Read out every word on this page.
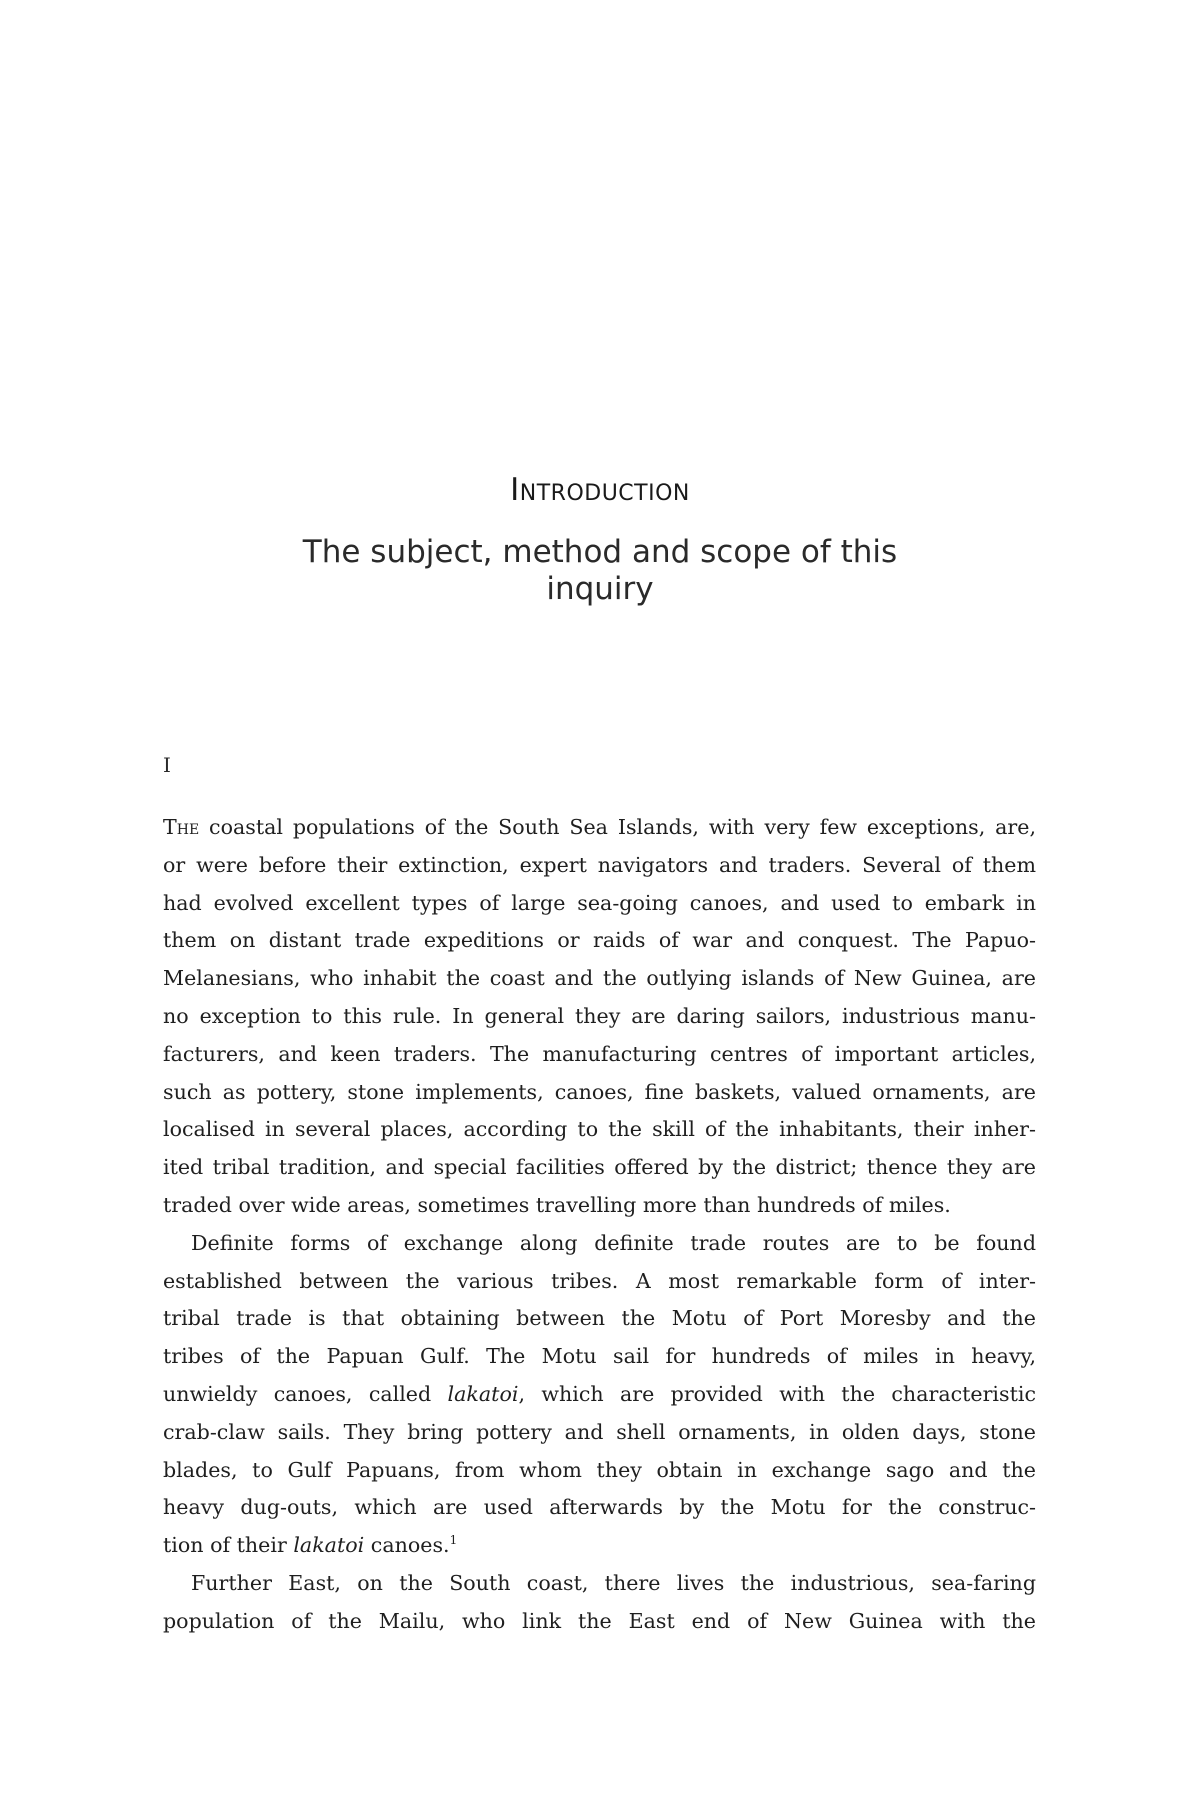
Introduction
The subject, method and scope of this inquiry
I

The coastal populations of the South Sea Islands, with very few exceptions, are,
or were before their extinction, expert navigators and traders. Several of them
had evolved excellent types of large sea-going canoes, and used to embark in
them on distant trade expeditions or raids of war and conquest. The Papuo-
Melanesians, who inhabit the coast and the outlying islands of New Guinea, are
no exception to this rule. In general they are daring sailors, industrious manu-
facturers, and keen traders. The manufacturing centres of important articles,
such as pottery, stone implements, canoes, fine baskets, valued ornaments, are
localised in several places, according to the skill of the inhabitants, their inher-
ited tribal tradition, and special facilities offered by the district; thence they are
traded over wide areas, sometimes travelling more than hundreds of miles.

Definite forms of exchange along definite trade routes are to be found
established between the various tribes. A most remarkable form of inter-
tribal trade is that obtaining between the Motu of Port Moresby and the
tribes of the Papuan Gulf. The Motu sail for hundreds of miles in heavy,
unwieldy canoes, called lakatoi, which are provided with the characteristic
crab-claw sails. They bring pottery and shell ornaments, in olden days, stone
blades, to Gulf Papuans, from whom they obtain in exchange sago and the
heavy dug-outs, which are used afterwards by the Motu for the construc-
tion of their lakatoi canoes.$^1$

Further East, on the South coast, there lives the industrious, sea-faring
population of the Mailu, who link the East end of New Guinea with the
